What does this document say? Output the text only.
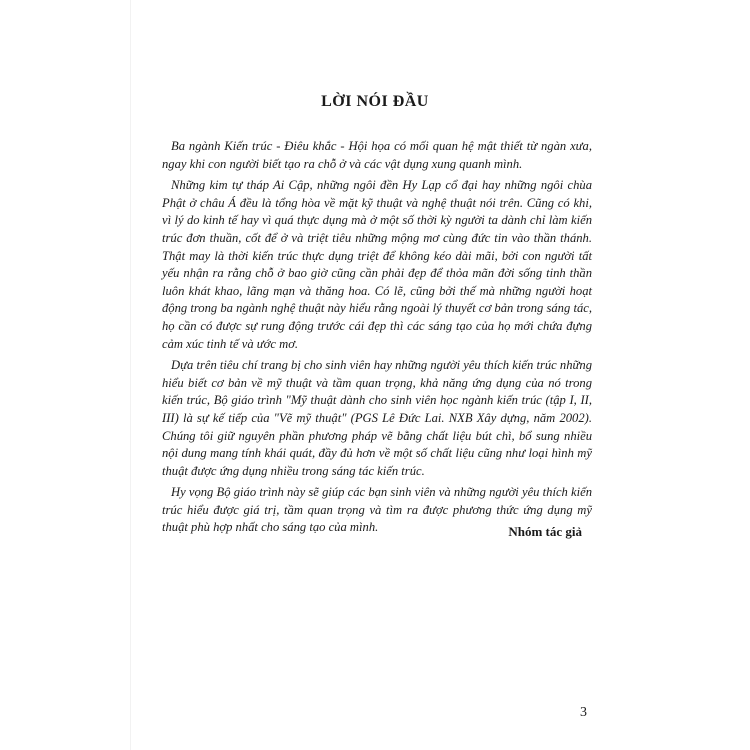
LỜI NÓI ĐẦU

Ba ngành Kiến trúc - Điêu khắc - Hội họa có mối quan hệ mật thiết từ ngàn xưa, ngay khi con người biết tạo ra chỗ ở và các vật dụng xung quanh mình.

Những kim tự tháp Ai Cập, những ngôi đền Hy Lạp cổ đại hay những ngôi chùa Phật ở châu Á đều là tổng hòa về mặt kỹ thuật và nghệ thuật nói trên. Cũng có khi, vì lý do kinh tế hay vì quá thực dụng mà ở một số thời kỳ người ta dành chỉ làm kiến trúc đơn thuần, cốt để ở và triệt tiêu những mộng mơ cùng đức tin vào thần thánh. Thật may là thời kiến trúc thực dụng triệt để không kéo dài mãi, bởi con người tất yếu nhận ra rằng chỗ ở bao giờ cũng cần phải đẹp để thỏa mãn đời sống tinh thần luôn khát khao, lãng mạn và thăng hoa. Có lẽ, cũng bởi thế mà những người hoạt động trong ba ngành nghệ thuật này hiểu rằng ngoài lý thuyết cơ bản trong sáng tác, họ cần có được sự rung động trước cái đẹp thì các sáng tạo của họ mới chứa đựng cảm xúc tinh tế và ước mơ.

Dựa trên tiêu chí trang bị cho sinh viên hay những người yêu thích kiến trúc những hiểu biết cơ bản về mỹ thuật và tầm quan trọng, khả năng ứng dụng của nó trong kiến trúc, Bộ giáo trình "Mỹ thuật dành cho sinh viên học ngành kiến trúc (tập I, II, III) là sự kế tiếp của "Vẽ mỹ thuật" (PGS Lê Đức Lai. NXB Xây dựng, năm 2002). Chúng tôi giữ nguyên phần phương pháp vẽ bằng chất liệu bút chì, bổ sung nhiều nội dung mang tính khái quát, đầy đủ hơn về một số chất liệu cũng như loại hình mỹ thuật được ứng dụng nhiều trong sáng tác kiến trúc.

Hy vọng Bộ giáo trình này sẽ giúp các bạn sinh viên và những người yêu thích kiến trúc hiểu được giá trị, tầm quan trọng và tìm ra được phương thức ứng dụng mỹ thuật phù hợp nhất cho sáng tạo của mình.	Nhóm tác giả
3
